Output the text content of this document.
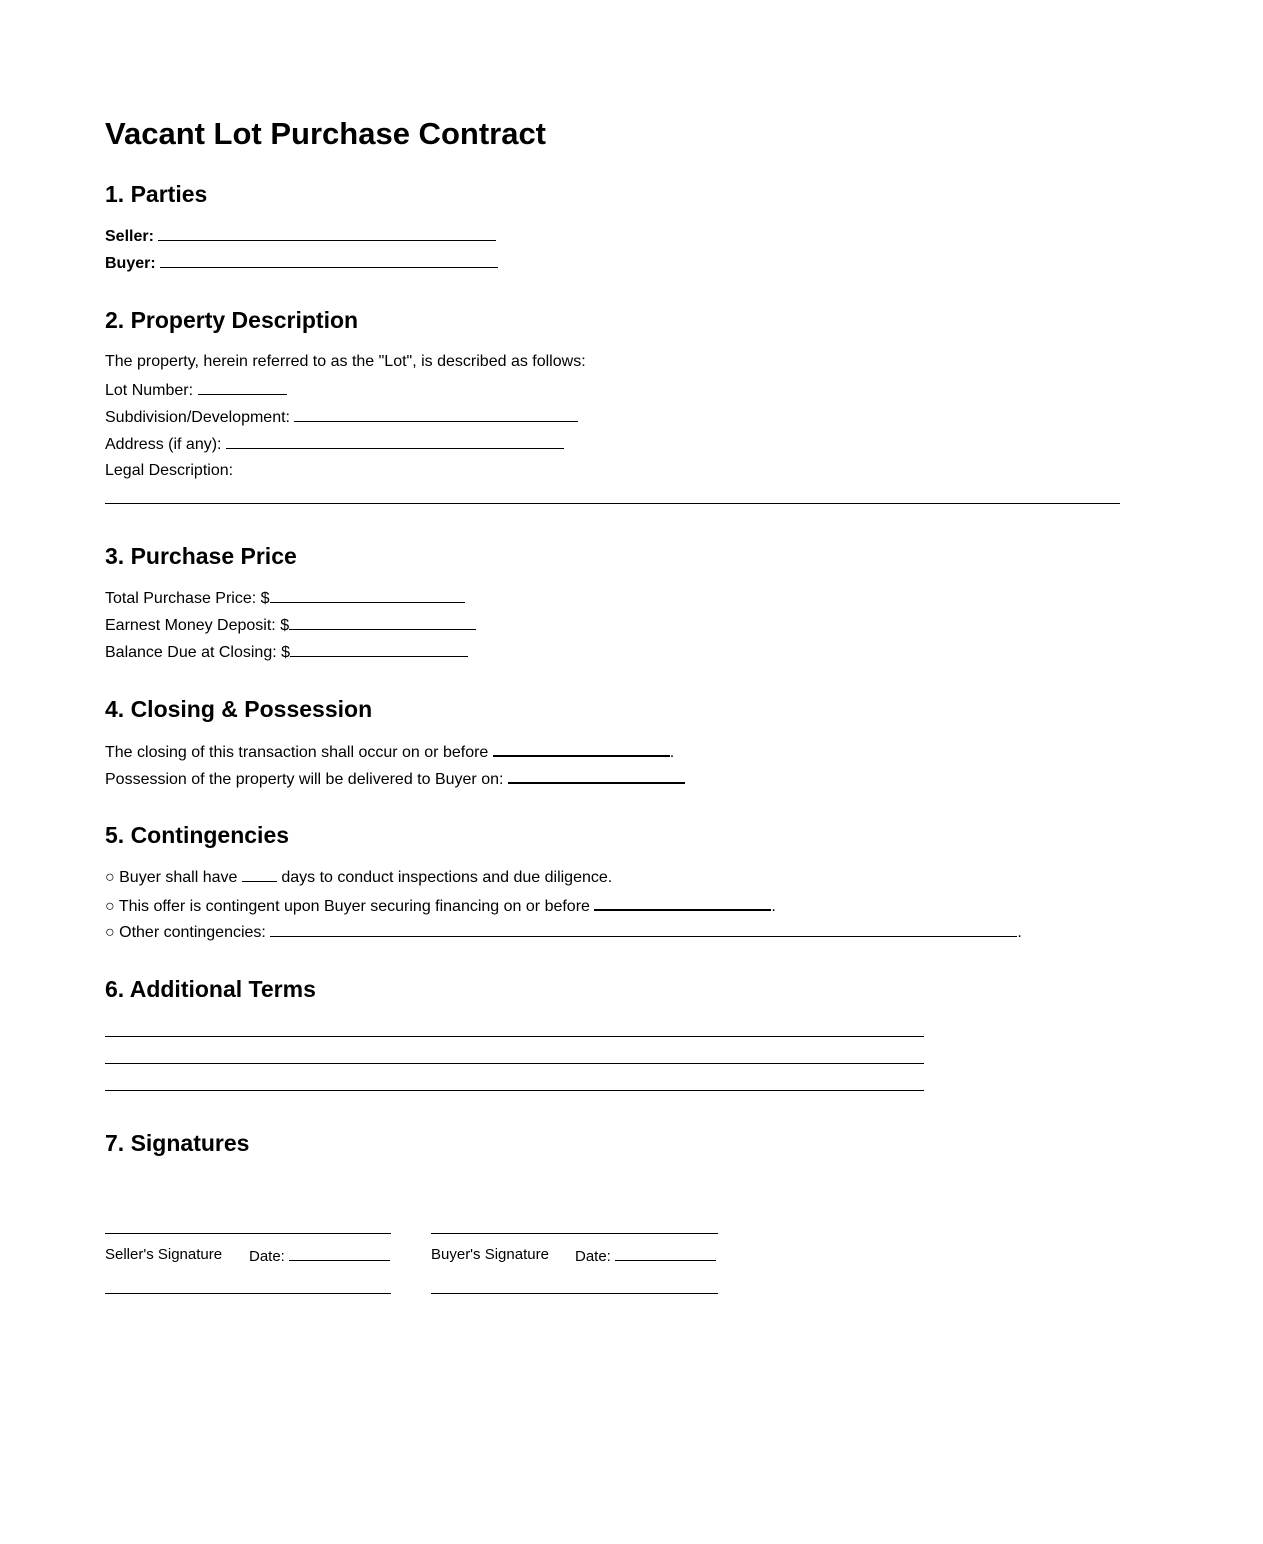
Vacant Lot Purchase Contract
1. Parties
Seller:
Buyer:
2. Property Description
The property, herein referred to as the "Lot", is described as follows:
Lot Number:
Subdivision/Development:
Address (if any):
Legal Description:
3. Purchase Price
Total Purchase Price: $
Earnest Money Deposit: $
Balance Due at Closing: $
4. Closing & Possession
The closing of this transaction shall occur on or before	.
Possession of the property will be delivered to Buyer on:
5. Contingencies
○ Buyer shall have	days to conduct inspections and due diligence.
○ This offer is contingent upon Buyer securing financing on or before	.
○ Other contingencies:	.
6. Additional Terms
7. Signatures
Seller's Signature Date:	Buyer's Signature Date:
